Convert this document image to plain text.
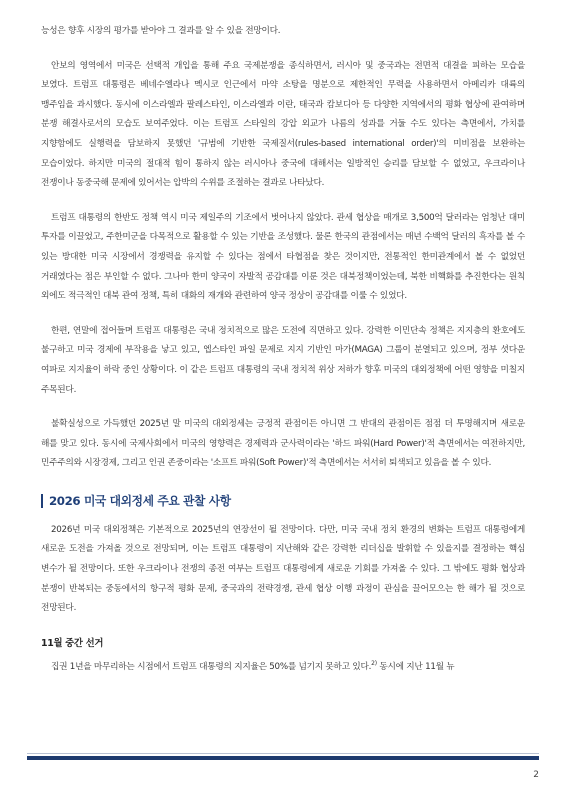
능성은 향후 시장의 평가를 받아야 그 결과를 알 수 있을 전망이다.

안보의 영역에서 미국은 선택적 개입을 통해 주요 국제분쟁을 종식하면서, 러시아 및 중국과는 전면적 대결을 피하는 모습을 보였다. 트럼프 대통령은 베네수엘라나 멕시코 인근에서 마약 소탕을 명분으로 제한적인 무력을 사용하면서 아메리카 대륙의 맹주임을 과시했다. 동시에 이스라엘과 팔레스타인, 이스라엘과 이란, 태국과 캄보디아 등 다양한 지역에서의 평화 협상에 관여하며 분쟁 해결사로서의 모습도 보여주었다. 이는 트럼프 스타일의 강압 외교가 나름의 성과를 거둘 수도 있다는 측면에서, 가치를 지향함에도 실행력을 담보하지 못했던 '규범에 기반한 국제질서(rules-based international order)'의 미비점을 보완하는 모습이었다. 하지만 미국의 절대적 힘이 통하지 않는 러시아나 중국에 대해서는 일방적인 승리를 담보할 수 없었고, 우크라이나 전쟁이나 동중국해 문제에 있어서는 압박의 수위를 조절하는 결과로 나타났다.

트럼프 대통령의 한반도 정책 역시 미국 제일주의 기조에서 벗어나지 않았다. 관세 협상을 매개로 3,500억 달러라는 엄청난 대미 투자를 이끌었고, 주한미군을 다목적으로 활용할 수 있는 기반을 조성했다. 물론 한국의 관점에서는 매년 수백억 달러의 흑자를 볼 수 있는 방대한 미국 시장에서 경쟁력을 유지할 수 있다는 점에서 타협점을 찾은 것이지만, 전통적인 한미관계에서 볼 수 없었던 거래였다는 점은 부인할 수 없다. 그나마 한미 양국이 자발적 공감대를 이룬 것은 대북정책이었는데, 북한 비핵화를 추진한다는 원칙 외에도 적극적인 대북 관여 정책, 특히 대화의 재개와 관련하여 양국 정상이 공감대를 이룰 수 있었다.

한편, 연말에 접어들며 트럼프 대통령은 국내 정치적으로 많은 도전에 직면하고 있다. 강력한 이민단속 정책은 지지층의 환호에도 불구하고 미국 경제에 부작용을 낳고 있고, 엡스타인 파일 문제로 지지 기반인 마가(MAGA) 그룹이 분열되고 있으며, 정부 셧다운 여파로 지지율이 하락 중인 상황이다. 이 같은 트럼프 대통령의 국내 정치적 위상 저하가 향후 미국의 대외정책에 어떤 영향을 미칠지 주목된다.

불확실성으로 가득했던 2025년 말 미국의 대외정세는 긍정적 관점이든 아니면 그 반대의 관점이든 점점 더 투명해지며 새로운 해를 맞고 있다. 동시에 국제사회에서 미국의 영향력은 경제력과 군사력이라는 '하드 파워(Hard Power)'적 측면에서는 여전하지만, 민주주의와 시장경제, 그리고 인권 존중이라는 '소프트 파워(Soft Power)'적 측면에서는 서서히 퇴색되고 있음을 볼 수 있다.

2026 미국 대외정세 주요 관찰 사항

2026년 미국 대외정책은 기본적으로 2025년의 연장선이 될 전망이다. 다만, 미국 국내 정치 환경의 변화는 트럼프 대통령에게 새로운 도전을 가져올 것으로 전망되며, 이는 트럼프 대통령이 지난해와 같은 강력한 리더십을 발휘할 수 있을지를 결정하는 핵심 변수가 될 전망이다. 또한 우크라이나 전쟁의 종전 여부는 트럼프 대통령에게 새로운 기회를 가져올 수 있다. 그 밖에도 평화 협상과 분쟁이 반복되는 중동에서의 항구적 평화 문제, 중국과의 전략경쟁, 관세 협상 이행 과정이 관심을 끌어모으는 한 해가 될 것으로 전망된다.

11월 중간 선거

집권 1년을 마무리하는 시점에서 트럼프 대통령의 지지율은 50%를 넘기지 못하고 있다.$^{2)}$ 동시에 지난 11월 뉴

2
